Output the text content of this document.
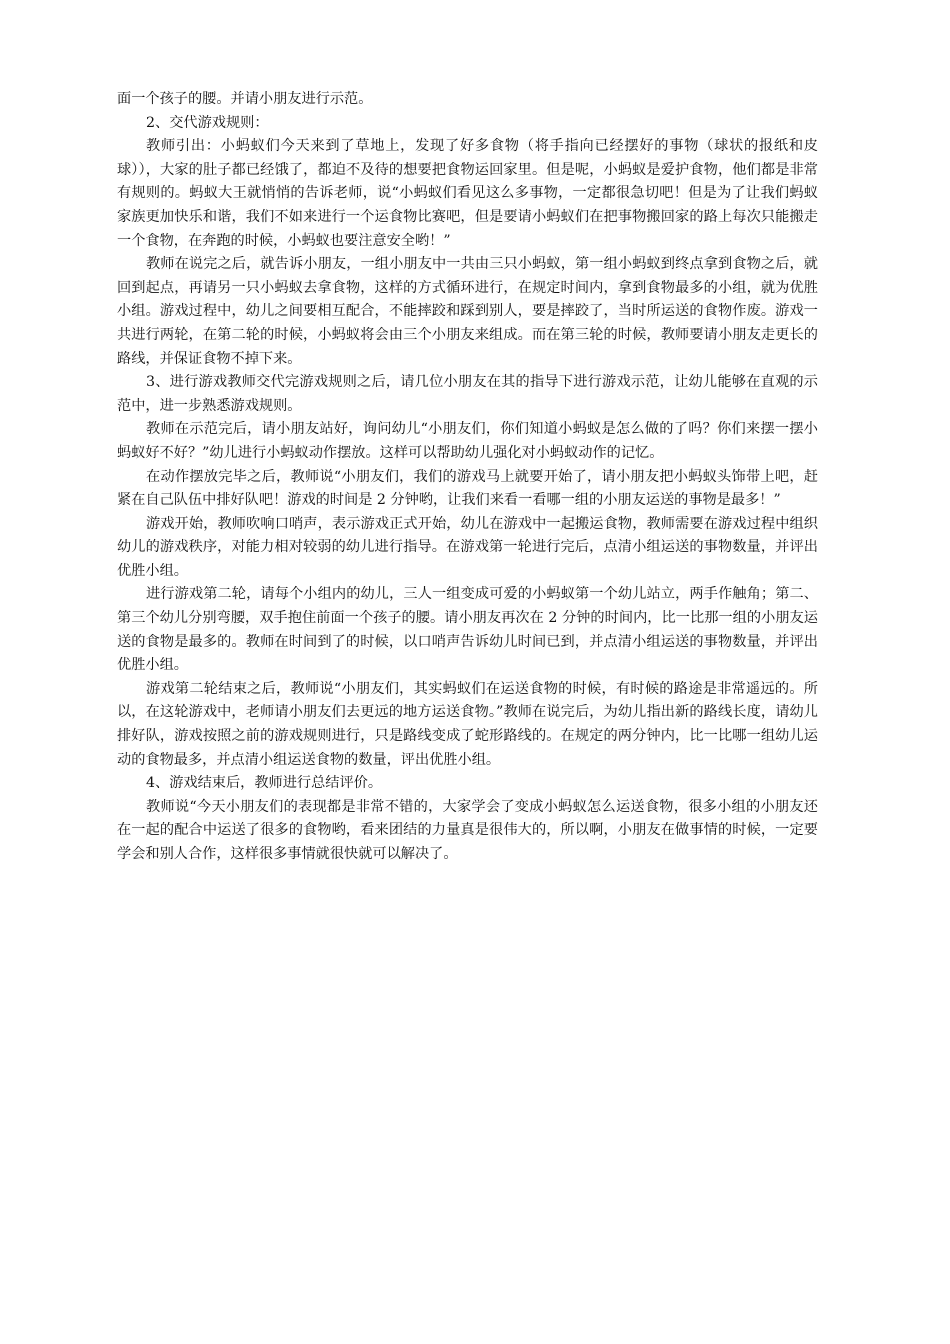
面一个孩子的腰。并请小朋友进行示范。

2、交代游戏规则：

教师引出：小蚂蚁们今天来到了草地上，发现了好多食物（将手指向已经摆好的事物（球状的报纸和皮球）），大家的肚子都已经饿了，都迫不及待的想要把食物运回家里。但是呢，小蚂蚁是爱护食物，他们都是非常有规则的。蚂蚁大王就悄悄的告诉老师，说“小蚂蚁们看见这么多事物，一定都很急切吧！但是为了让我们蚂蚁家族更加快乐和谐，我们不如来进行一个运食物比赛吧，但是要请小蚂蚁们在把事物搬回家的路上每次只能搬走一个食物，在奔跑的时候，小蚂蚁也要注意安全哟！”

教师在说完之后，就告诉小朋友，一组小朋友中一共由三只小蚂蚁，第一组小蚂蚁到终点拿到食物之后，就回到起点，再请另一只小蚂蚁去拿食物，这样的方式循环进行，在规定时间内，拿到食物最多的小组，就为优胜小组。游戏过程中，幼儿之间要相互配合，不能摔跤和踩到别人，要是摔跤了，当时所运送的食物作废。游戏一共进行两轮，在第二轮的时候，小蚂蚁将会由三个小朋友来组成。而在第三轮的时候，教师要请小朋友走更长的路线，并保证食物不掉下来。

3、进行游戏教师交代完游戏规则之后，请几位小朋友在其的指导下进行游戏示范，让幼儿能够在直观的示范中，进一步熟悉游戏规则。

教师在示范完后，请小朋友站好，询问幼儿“小朋友们，你们知道小蚂蚁是怎么做的了吗？你们来摆一摆小蚂蚁好不好？”幼儿进行小蚂蚁动作摆放。这样可以帮助幼儿强化对小蚂蚁动作的记忆。

在动作摆放完毕之后，教师说“小朋友们，我们的游戏马上就要开始了，请小朋友把小蚂蚁头饰带上吧，赶紧在自己队伍中排好队吧！游戏的时间是 2 分钟哟，让我们来看一看哪一组的小朋友运送的事物是最多！”

游戏开始，教师吹响口哨声，表示游戏正式开始，幼儿在游戏中一起搬运食物，教师需要在游戏过程中组织幼儿的游戏秩序，对能力相对较弱的幼儿进行指导。在游戏第一轮进行完后，点清小组运送的事物数量，并评出优胜小组。

进行游戏第二轮，请每个小组内的幼儿，三人一组变成可爱的小蚂蚁第一个幼儿站立，两手作触角；第二、第三个幼儿分别弯腰，双手抱住前面一个孩子的腰。请小朋友再次在 2 分钟的时间内，比一比那一组的小朋友运送的食物是最多的。教师在时间到了的时候，以口哨声告诉幼儿时间已到，并点清小组运送的事物数量，并评出优胜小组。

游戏第二轮结束之后，教师说“小朋友们，其实蚂蚁们在运送食物的时候，有时候的路途是非常遥远的。所以，在这轮游戏中，老师请小朋友们去更远的地方运送食物。”教师在说完后，为幼儿指出新的路线长度，请幼儿排好队，游戏按照之前的游戏规则进行，只是路线变成了蛇形路线的。在规定的两分钟内，比一比哪一组幼儿运动的食物最多，并点清小组运送食物的数量，评出优胜小组。

4、游戏结束后，教师进行总结评价。

教师说“今天小朋友们的表现都是非常不错的，大家学会了变成小蚂蚁怎么运送食物，很多小组的小朋友还在一起的配合中运送了很多的食物哟，看来团结的力量真是很伟大的，所以啊，小朋友在做事情的时候，一定要学会和别人合作，这样很多事情就很快就可以解决了。
